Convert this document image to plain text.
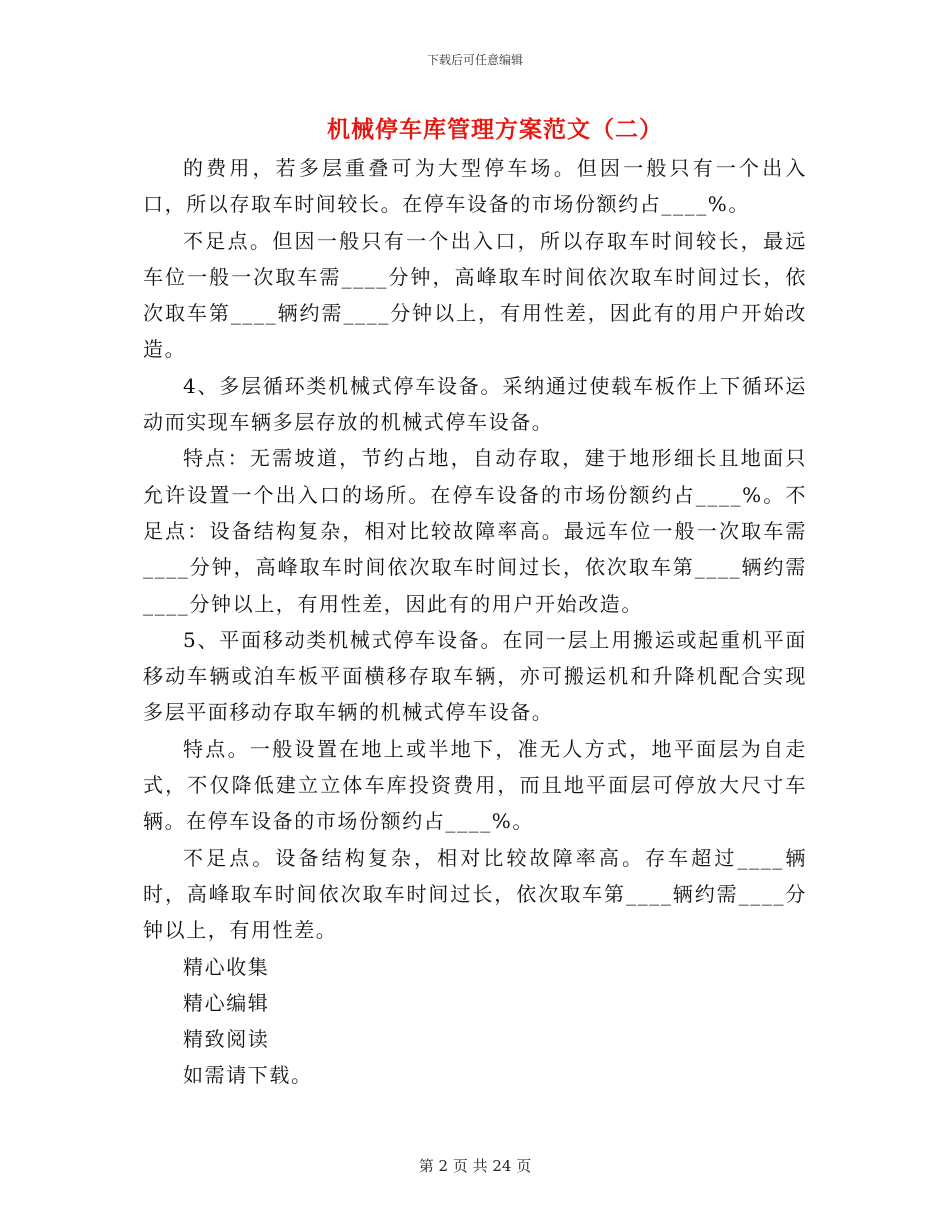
下载后可任意编辑
机械停车库管理方案范文（二）

的费用，若多层重叠可为大型停车场。但因一般只有一个出入口，所以存取车时间较长。在停车设备的市场份额约占____%。

不足点。但因一般只有一个出入口，所以存取车时间较长，最远车位一般一次取车需____分钟，高峰取车时间依次取车时间过长，依次取车第____辆约需____分钟以上，有用性差，因此有的用户开始改造。

4、多层循环类机械式停车设备。采纳通过使载车板作上下循环运动而实现车辆多层存放的机械式停车设备。

特点：无需坡道，节约占地，自动存取，建于地形细长且地面只允许设置一个出入口的场所。在停车设备的市场份额约占____%。不足点：设备结构复杂，相对比较故障率高。最远车位一般一次取车需____分钟，高峰取车时间依次取车时间过长，依次取车第____辆约需____分钟以上，有用性差，因此有的用户开始改造。

5、平面移动类机械式停车设备。在同一层上用搬运或起重机平面移动车辆或泊车板平面横移存取车辆，亦可搬运机和升降机配合实现多层平面移动存取车辆的机械式停车设备。

特点。一般设置在地上或半地下，准无人方式，地平面层为自走式，不仅降低建立立体车库投资费用，而且地平面层可停放大尺寸车辆。在停车设备的市场份额约占____%。

不足点。设备结构复杂，相对比较故障率高。存车超过____辆时，高峰取车时间依次取车时间过长，依次取车第____辆约需____分钟以上，有用性差。

精心收集

精心编辑

精致阅读

如需请下载。

第 2 页 共 24 页
